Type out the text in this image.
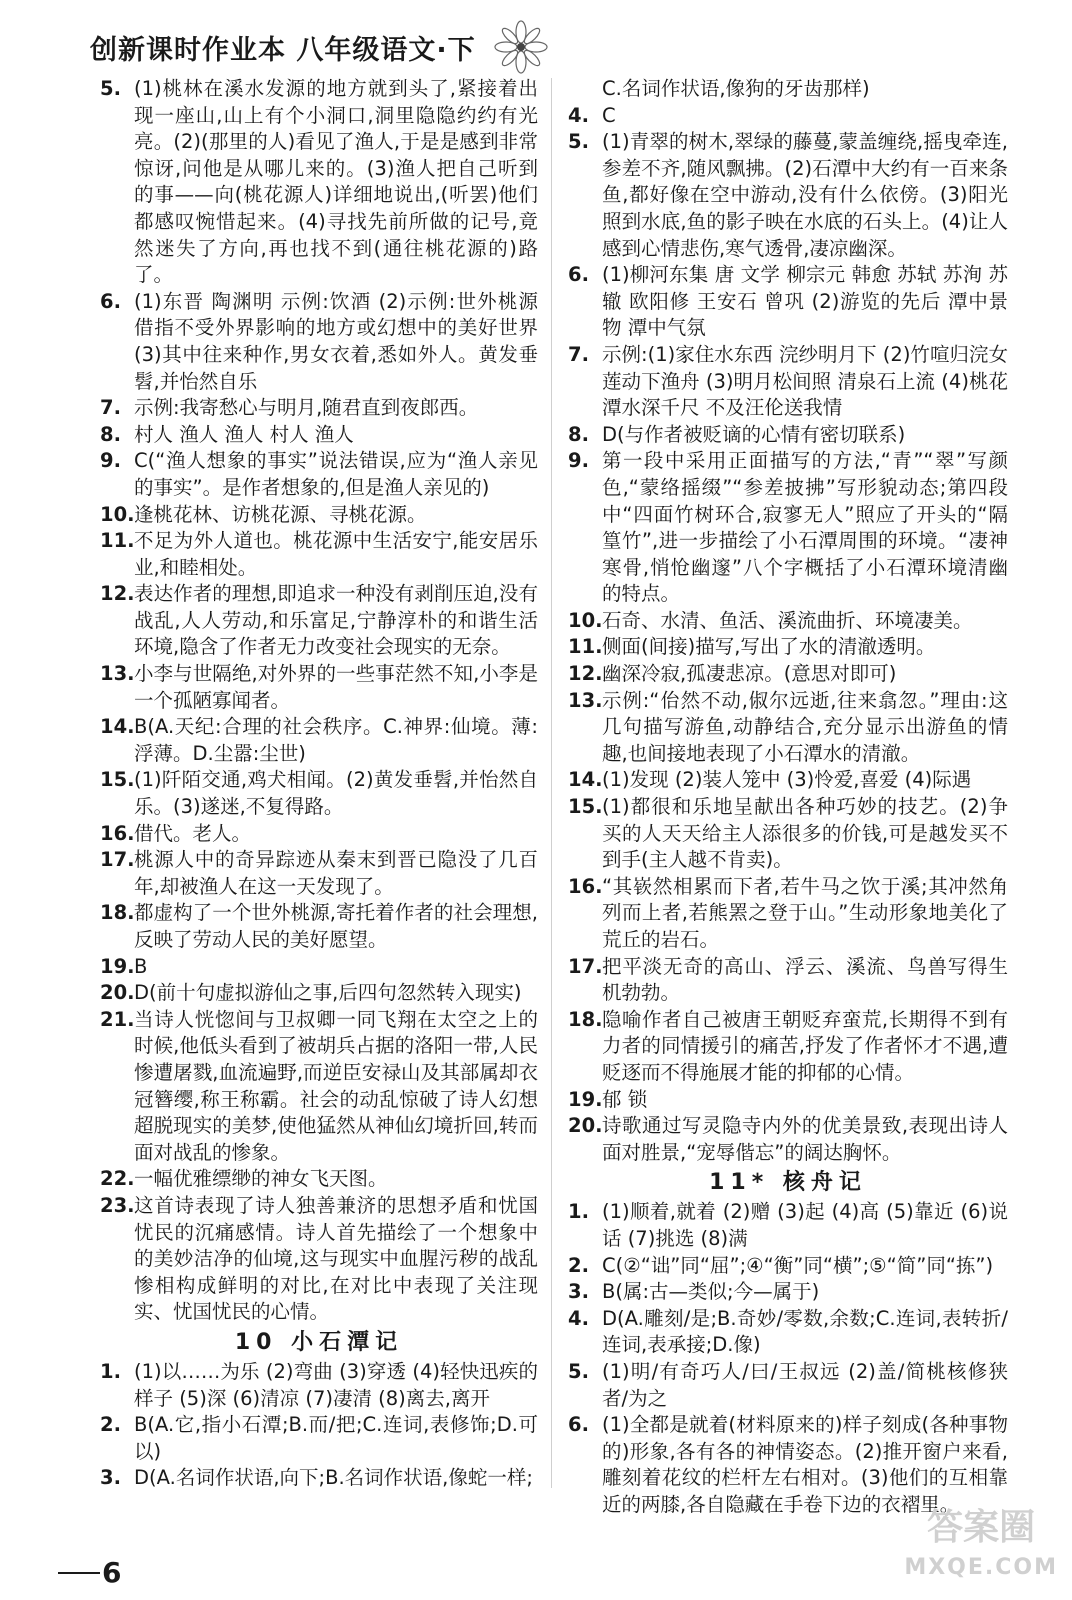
创新课时作业本 八年级语文·下
5. (1)桃林在溪水发源的地方就到头了,紧接着出现一座山,山上有个小洞口,洞里隐隐约约有光亮。(2)(那里的人)看见了渔人,于是是感到非常惊讶,问他是从哪儿来的。(3)渔人把自己听到的事——向(桃花源人)详细地说出,(听罢)他们都感叹惋惜起来。(4)寻找先前所做的记号,竟然迷失了方向,再也找不到(通往桃花源的)路了。
6. (1)东晋 陶渊明 示例:饮酒 (2)示例:世外桃源 借指不受外界影响的地方或幻想中的美好世界 (3)其中往来种作,男女衣着,悉如外人。黄发垂髫,并怡然自乐
7. 示例:我寄愁心与明月,随君直到夜郎西。
8. 村人 渔人 渔人 村人 渔人
9. C(“渔人想象的事实”说法错误,应为“渔人亲见的事实”。是作者想象的,但是渔人亲见的)
10. 逢桃花林、访桃花源、寻桃花源。
11. 不足为外人道也。桃花源中生活安宁,能安居乐业,和睦相处。
12. 表达作者的理想,即追求一种没有剥削压迫,没有战乱,人人劳动,和乐富足,宁静淳朴的和谐生活环境,隐含了作者无力改变社会现实的无奈。
13. 小李与世隔绝,对外界的一些事茫然不知,小李是一个孤陋寡闻者。
14. B(A.天纪:合理的社会秩序。C.神界:仙境。薄:浮薄。D.尘嚣:尘世)
15. (1)阡陌交通,鸡犬相闻。(2)黄发垂髫,并怡然自乐。(3)遂迷,不复得路。
16. 借代。老人。
17. 桃源人中的奇异踪迹从秦末到晋已隐没了几百年,却被渔人在这一天发现了。
18. 都虚构了一个世外桃源,寄托着作者的社会理想,反映了劳动人民的美好愿望。
19. B
20. D(前十句虚拟游仙之事,后四句忽然转入现实)
21. 当诗人恍惚间与卫叔卿一同飞翔在太空之上的时候,他低头看到了被胡兵占据的洛阳一带,人民惨遭屠戮,血流遍野,而逆臣安禄山及其部属却衣冠簪缨,称王称霸。社会的动乱惊破了诗人幻想超脱现实的美梦,使他猛然从神仙幻境折回,转而面对战乱的惨象。
22. 一幅优雅缥缈的神女飞天图。
23. 这首诗表现了诗人独善兼济的思想矛盾和忧国忧民的沉痛感情。诗人首先描绘了一个想象中的美妙洁净的仙境,这与现实中血腥污秽的战乱惨相构成鲜明的对比,在对比中表现了关注现实、忧国忧民的心情。
10 小石潭记
1. (1)以……为乐 (2)弯曲 (3)穿透 (4)轻快迅疾的样子 (5)深 (6)清凉 (7)凄清 (8)离去,离开
2. B(A.它,指小石潭;B.而/把;C.连词,表修饰;D.可以)
3. D(A.名词作状语,向下;B.名词作状语,像蛇一样;
C.名词作状语,像狗的牙齿那样)
4. C
5. (1)青翠的树木,翠绿的藤蔓,蒙盖缠绕,摇曳牵连,参差不齐,随风飘拂。(2)石潭中大约有一百来条鱼,都好像在空中游动,没有什么依傍。(3)阳光照到水底,鱼的影子映在水底的石头上。(4)让人感到心情悲伤,寒气透骨,凄凉幽深。
6. (1)柳河东集 唐 文学 柳宗元 韩愈 苏轼 苏洵 苏辙 欧阳修 王安石 曾巩 (2)游览的先后 潭中景物 潭中气氛
7. 示例:(1)家住水东西 浣纱明月下 (2)竹喧归浣女 莲动下渔舟 (3)明月松间照 清泉石上流 (4)桃花潭水深千尺 不及汪伦送我情
8. D(与作者被贬谪的心情有密切联系)
9. 第一段中采用正面描写的方法,“青”“翠”写颜色,“蒙络摇缀”“参差披拂”写形貌动态;第四段中“四面竹树环合,寂寥无人”照应了开头的“隔篁竹”,进一步描绘了小石潭周围的环境。“凄神寒骨,悄怆幽邃”八个字概括了小石潭环境清幽的特点。
10. 石奇、水清、鱼活、溪流曲折、环境凄美。
11. 侧面(间接)描写,写出了水的清澈透明。
12. 幽深冷寂,孤凄悲凉。(意思对即可)
13. 示例:“佁然不动,俶尔远逝,往来翕忽。”理由:这几句描写游鱼,动静结合,充分显示出游鱼的情趣,也间接地表现了小石潭水的清澈。
14. (1)发现 (2)装人笼中 (3)怜爱,喜爱 (4)际遇
15. (1)都很和乐地呈献出各种巧妙的技艺。(2)争买的人天天给主人添很多的价钱,可是越发买不到手(主人越不肯卖)。
16. “其嵚然相累而下者,若牛马之饮于溪;其冲然角列而上者,若熊罴之登于山。”生动形象地美化了荒丘的岩石。
17. 把平淡无奇的高山、浮云、溪流、鸟兽写得生机勃勃。
18. 隐喻作者自己被唐王朝贬弃蛮荒,长期得不到有力者的同情援引的痛苦,抒发了作者怀才不遇,遭贬逐而不得施展才能的抑郁的心情。
19. 郁 锁
20. 诗歌通过写灵隐寺内外的优美景致,表现出诗人面对胜景,“宠辱偕忘”的阔达胸怀。
11* 核舟记
1. (1)顺着,就着 (2)赠 (3)起 (4)高 (5)靠近 (6)说话 (7)挑选 (8)满
2. C(②“诎”同“屈”;④“衡”同“横”;⑤“简”同“拣”)
3. B(属:古—类似;今—属于)
4. D(A.雕刻/是;B.奇妙/零数,余数;C.连词,表转折/连词,表承接;D.像)
5. (1)明/有奇巧人/曰/王叔远 (2)盖/简桃核修狭者/为之
6. (1)全都是就着(材料原来的)样子刻成(各种事物的)形象,各有各的神情姿态。(2)推开窗户来看,雕刻着花纹的栏杆左右相对。(3)他们的互相靠近的两膝,各自隐藏在手卷下边的衣褶里。
6
答案圈
MXQE.COM
